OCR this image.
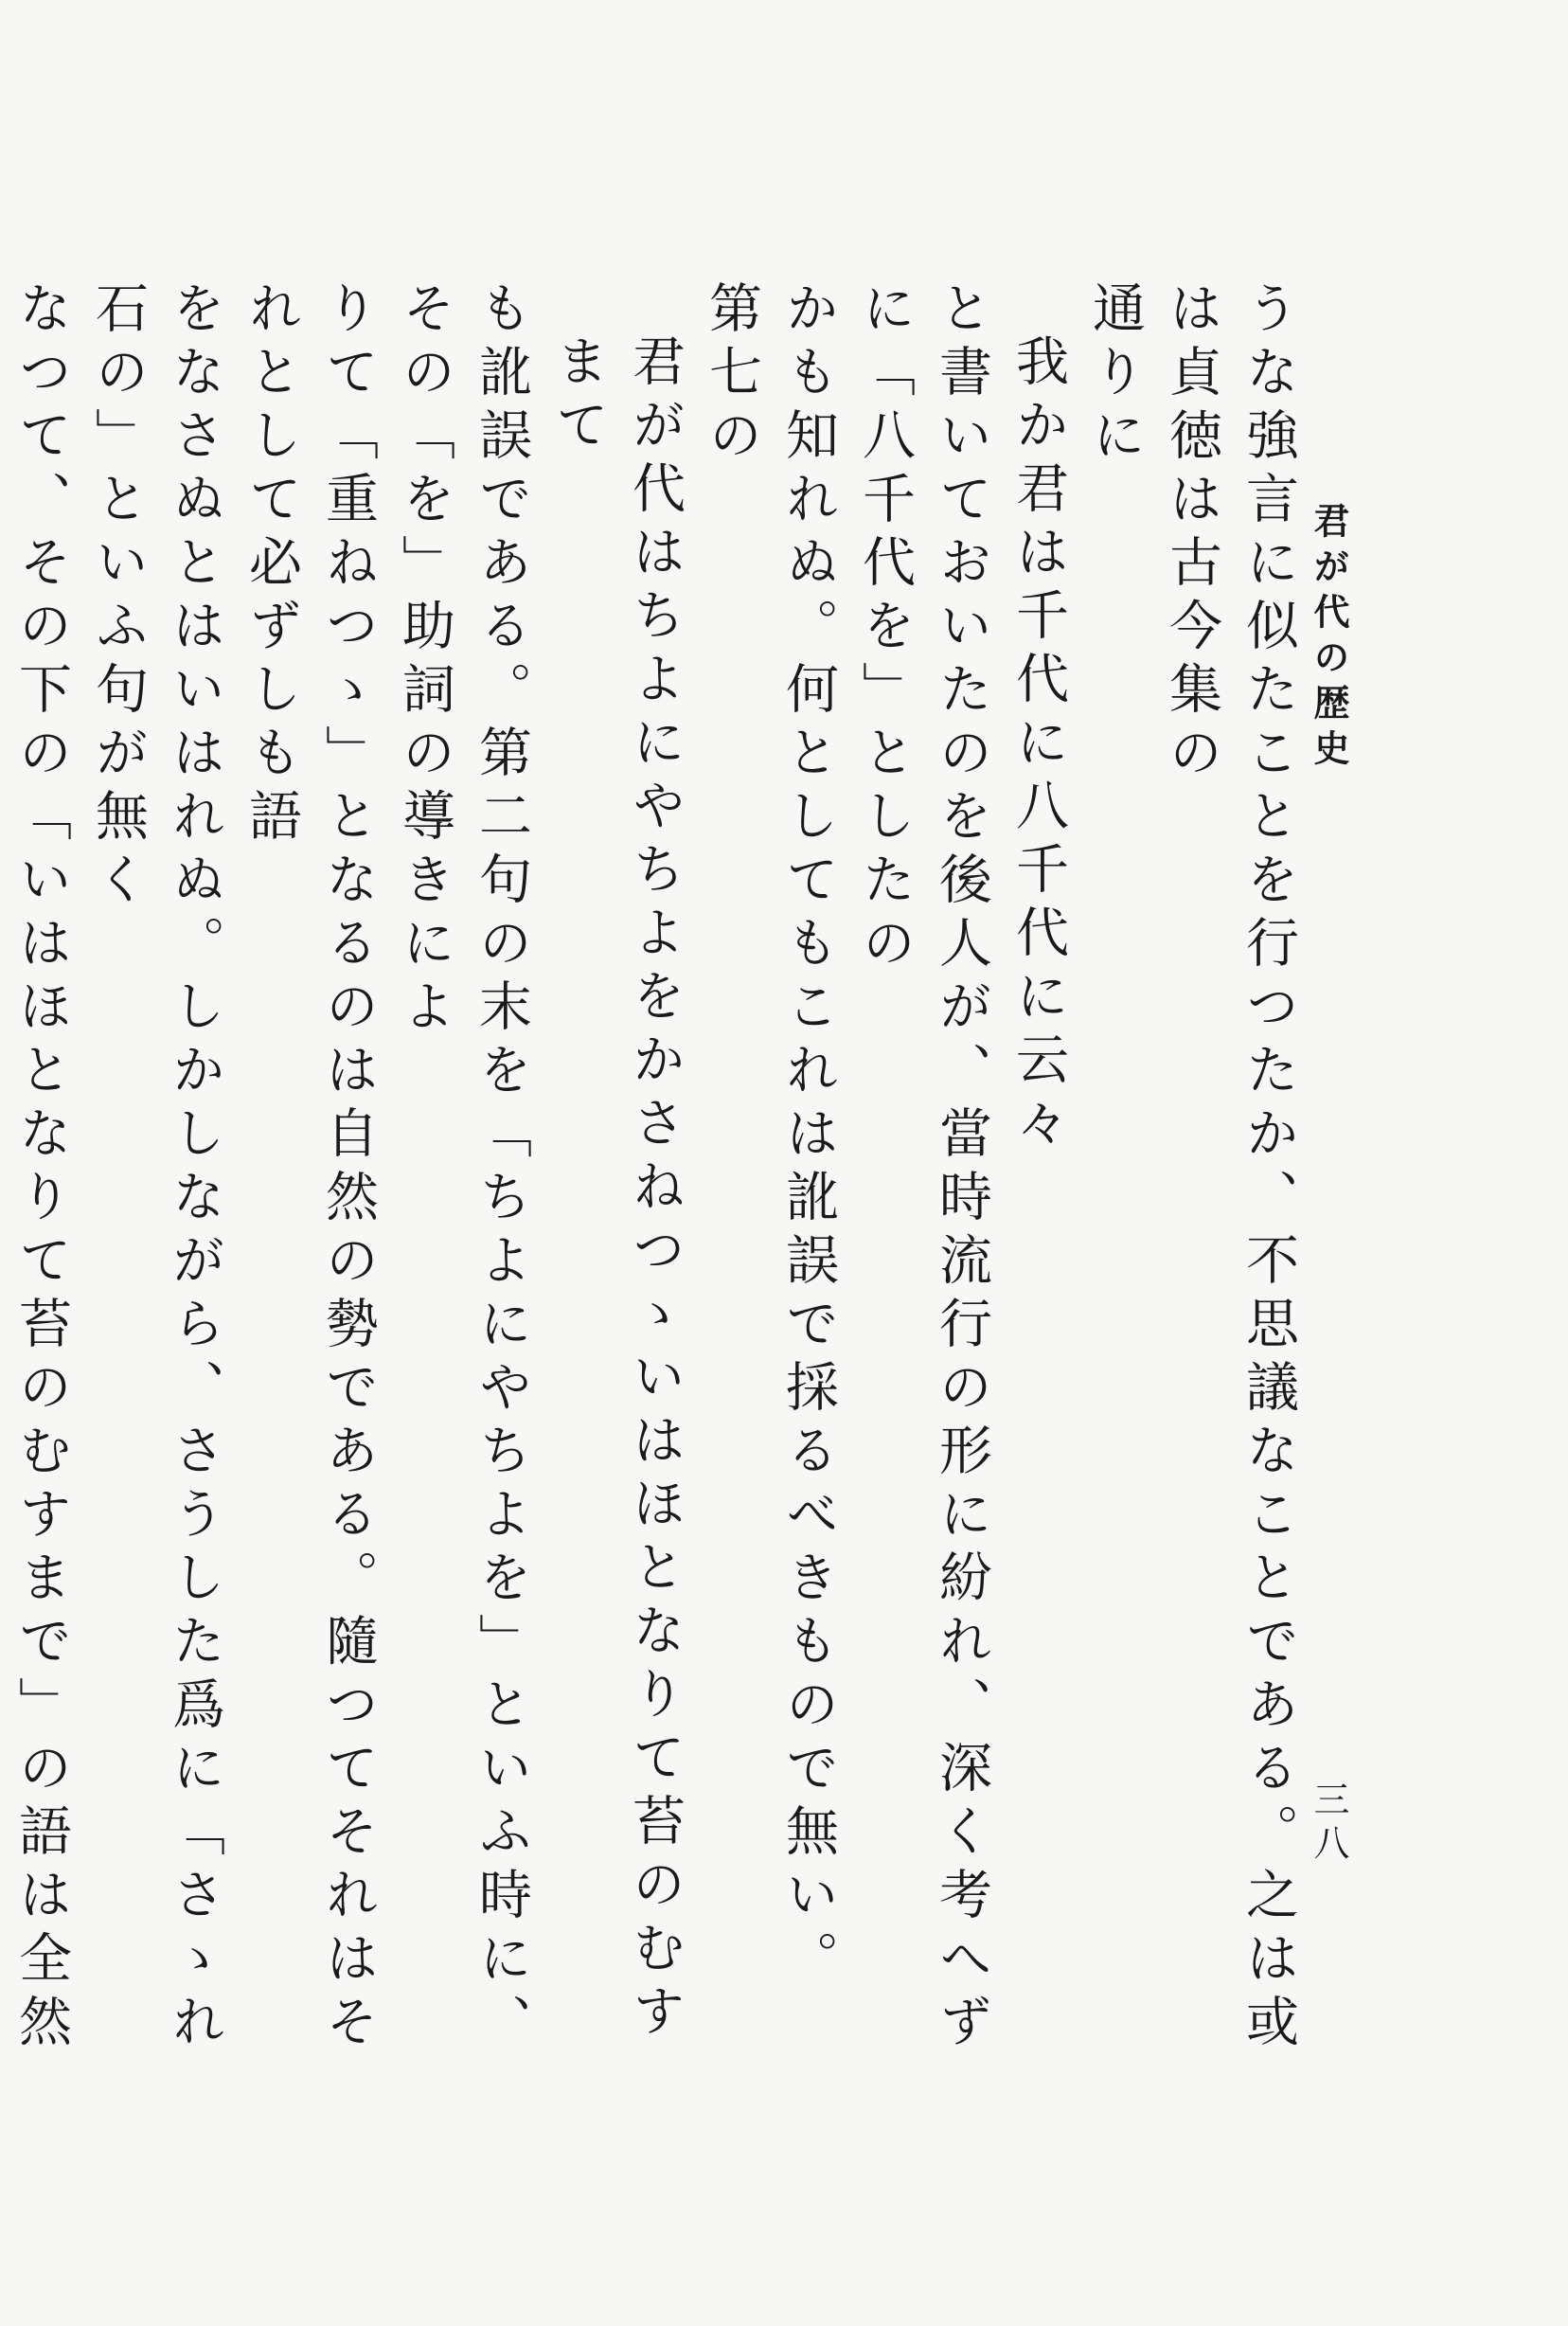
君が代の歴史
三八

うな強言に似たことを行つたか、不思議なことである。之は或は貞徳は古今集の

通りに

我か君は千代に八千代に云々

と書いておいたのを後人が、當時流行の形に紛れ、深く考へずに「八千代を」としたの

かも知れぬ。何としてもこれは訛誤で採るべきもので無い。

第七の

君が代はちよにやちよをかさねつゝいはほとなりて苔のむすまて

も訛誤である。第二句の末を「ちよにやちよを」といふ時に、その「を」助詞の導きによ

りて「重ねつゝ」となるのは自然の勢である。隨つてそれはそれとして必ずしも語

をなさぬとはいはれぬ。しかしながら、さうした爲に「さゝれ石の」といふ句が無く

なつて、その下の「いはほとなりて苔のむすまで」の語は全然
